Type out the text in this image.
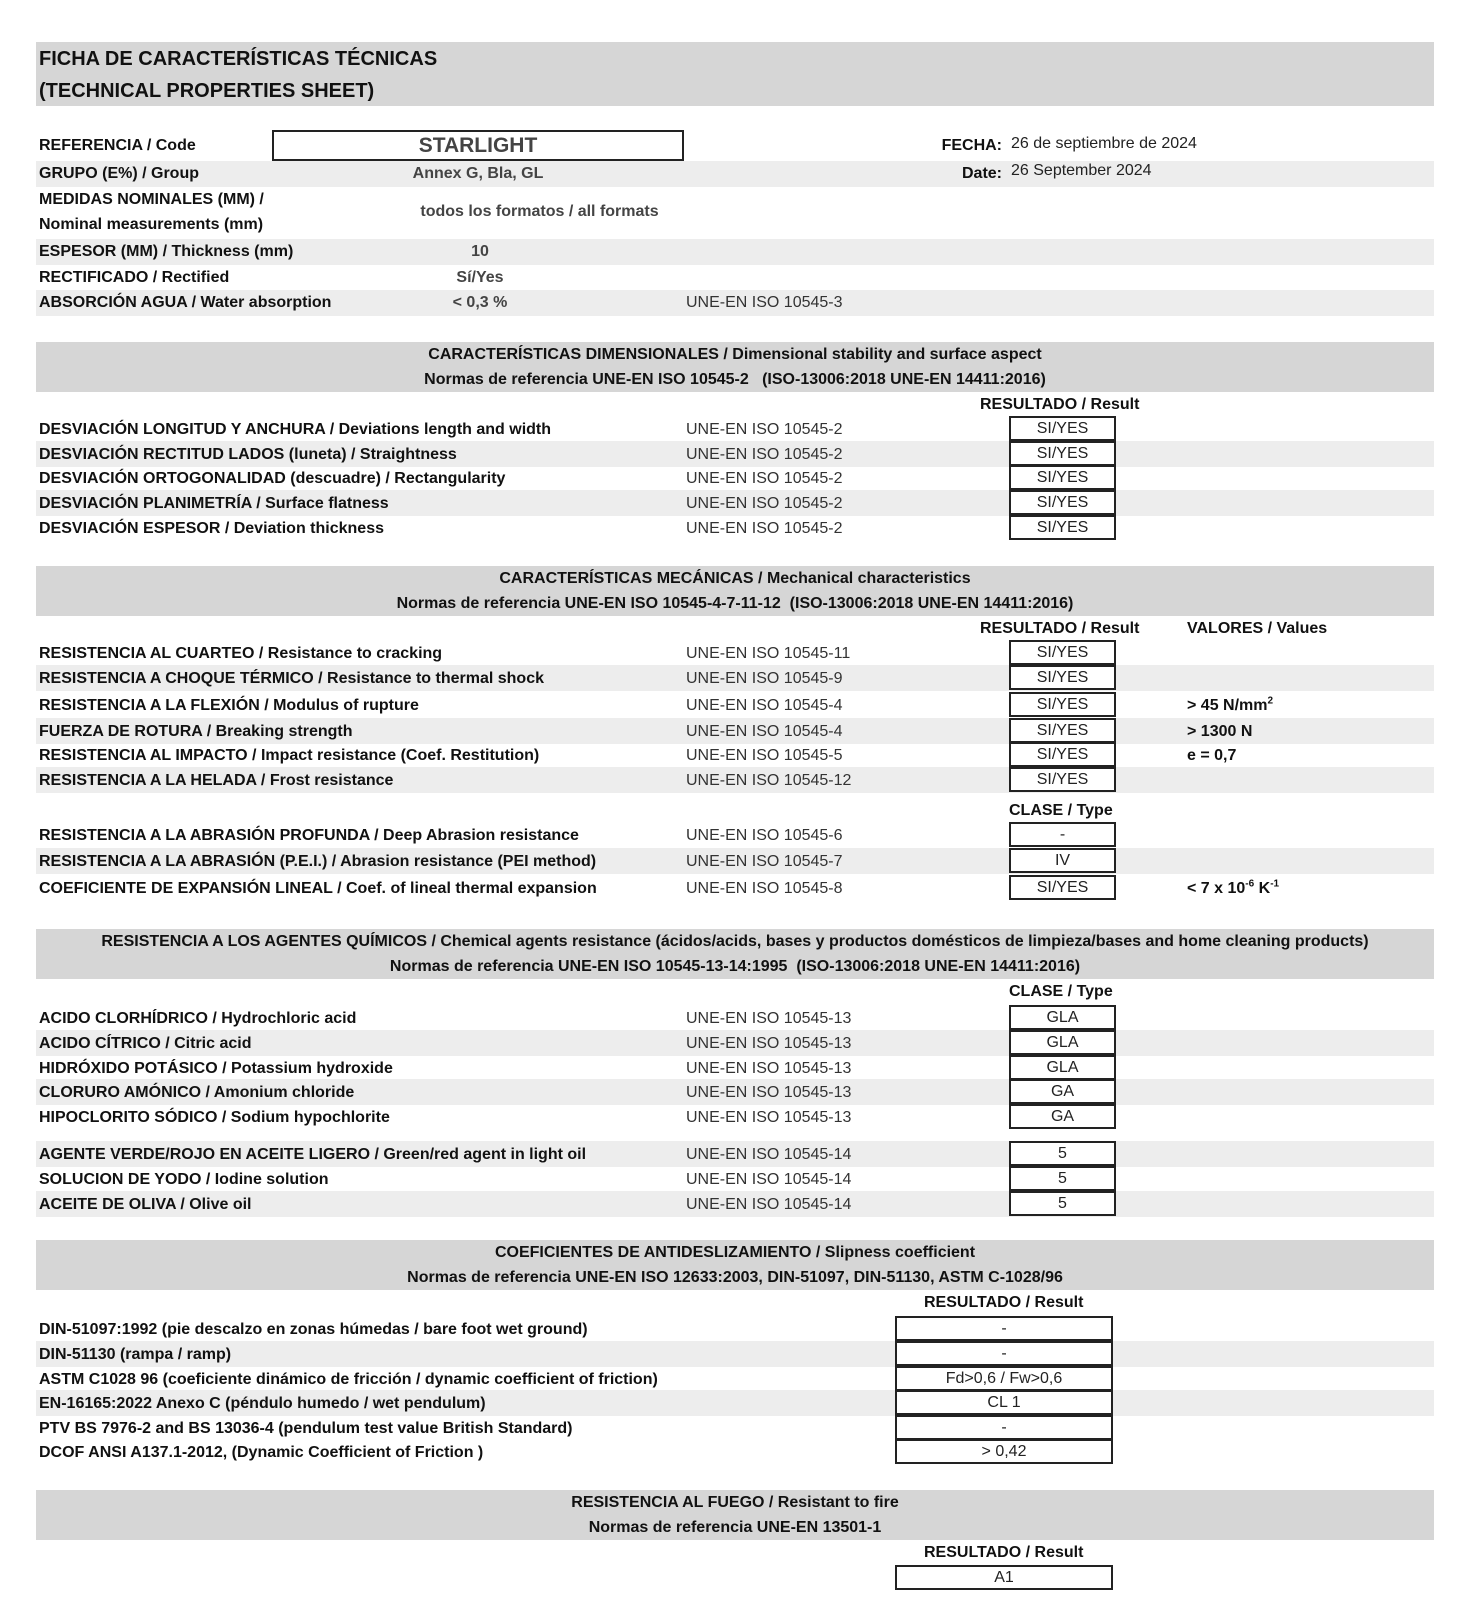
FICHA DE CARACTERÍSTICAS TÉCNICAS
(TECHNICAL PROPERTIES SHEET)
REFERENCIA / Code	STARLIGHT
GRUPO (E%) / Group	Annex G, Bla, GL
MEDIDAS NOMINALES (MM) /
Nominal measurements (mm)
todos los formatos / all formats
ESPESOR (MM) / Thickness (mm)	10
RECTIFICADO / Rectified	Sí/Yes
ABSORCIÓN AGUA / Water absorption	< 0,3 %	UNE-EN ISO 10545-3
FECHA: 26 de septiembre de 2024
Date: 26 September 2024
CARACTERÍSTICAS DIMENSIONALES / Dimensional stability and surface aspect
Normas de referencia UNE-EN ISO 10545-2   (ISO-13006:2018 UNE-EN 14411:2016)
RESULTADO / Result
DESVIACIÓN LONGITUD Y ANCHURA / Deviations length and width	UNE-EN ISO 10545-2	SI/YES
DESVIACIÓN RECTITUD LADOS (luneta) / Straightness	UNE-EN ISO 10545-2	SI/YES
DESVIACIÓN ORTOGONALIDAD (descuadre) / Rectangularity	UNE-EN ISO 10545-2	SI/YES
DESVIACIÓN PLANIMETRÍA / Surface flatness	UNE-EN ISO 10545-2	SI/YES
DESVIACIÓN ESPESOR / Deviation thickness	UNE-EN ISO 10545-2	SI/YES
CARACTERÍSTICAS MECÁNICAS / Mechanical characteristics
Normas de referencia UNE-EN ISO 10545-4-7-11-12  (ISO-13006:2018 UNE-EN 14411:2016)
RESULTADO / Result	VALORES / Values
CLASE / Type
RESISTENCIA AL CUARTEO / Resistance to cracking	UNE-EN ISO 10545-11	SI/YES
RESISTENCIA A CHOQUE TÉRMICO / Resistance to thermal shock	UNE-EN ISO 10545-9	SI/YES
RESISTENCIA A LA FLEXIÓN / Modulus of rupture	UNE-EN ISO 10545-4	SI/YES	> 45 $N/mm^2$
FUERZA DE ROTURA / Breaking strength	UNE-EN ISO 10545-4	SI/YES	> 1300 N
RESISTENCIA AL IMPACTO / Impact resistance (Coef. Restitution)	UNE-EN ISO 10545-5	SI/YES	e = 0,7
RESISTENCIA A LA HELADA / Frost resistance	UNE-EN ISO 10545-12	SI/YES
RESISTENCIA A LA ABRASIÓN PROFUNDA / Deep Abrasion resistance	UNE-EN ISO 10545-6	-
RESISTENCIA A LA ABRASIÓN (P.E.I.) / Abrasion resistance (PEI method)	UNE-EN ISO 10545-7	IV
COEFICIENTE DE EXPANSIÓN LINEAL / Coef. of lineal thermal expansion	UNE-EN ISO 10545-8	SI/YES	< 7 x $10^{-6}$ $K^{-1}$
RESISTENCIA A LOS AGENTES QUÍMICOS / Chemical agents resistance (ácidos/acids, bases y productos domésticos de limpieza/bases and home cleaning products)
Normas de referencia UNE-EN ISO 10545-13-14:1995  (ISO-13006:2018 UNE-EN 14411:2016)
CLASE / Type
ACIDO CLORHÍDRICO / Hydrochloric acid	UNE-EN ISO 10545-13	GLA
ACIDO CÍTRICO / Citric acid	UNE-EN ISO 10545-13	GLA
HIDRÓXIDO POTÁSICO / Potassium hydroxide	UNE-EN ISO 10545-13	GLA
CLORURO AMÓNICO / Amonium chloride	UNE-EN ISO 10545-13	GA
HIPOCLORITO SÓDICO / Sodium hypochlorite	UNE-EN ISO 10545-13	GA
AGENTE VERDE/ROJO EN ACEITE LIGERO / Green/red agent in light oil	UNE-EN ISO 10545-14	5
SOLUCION DE YODO / Iodine solution	UNE-EN ISO 10545-14	5
ACEITE DE OLIVA / Olive oil	UNE-EN ISO 10545-14	5
COEFICIENTES DE ANTIDESLIZAMIENTO / Slipness coefficient
Normas de referencia UNE-EN ISO 12633:2003, DIN-51097, DIN-51130, ASTM C-1028/96
RESULTADO / Result
DIN-51097:1992 (pie descalzo en zonas húmedas / bare foot wet ground)	-
DIN-51130 (rampa / ramp)	-
ASTM C1028 96 (coeficiente dinámico de fricción / dynamic coefficient of friction)	Fd>0,6 / Fw>0,6
EN-16165:2022 Anexo C (péndulo humedo / wet pendulum)	CL 1
PTV BS 7976-2 and BS 13036-4 (pendulum test value British Standard)	-
DCOF ANSI A137.1-2012, (Dynamic Coefficient of Friction )	> 0,42
RESISTENCIA AL FUEGO / Resistant to fire
Normas de referencia UNE-EN 13501-1
RESULTADO / Result
A1
